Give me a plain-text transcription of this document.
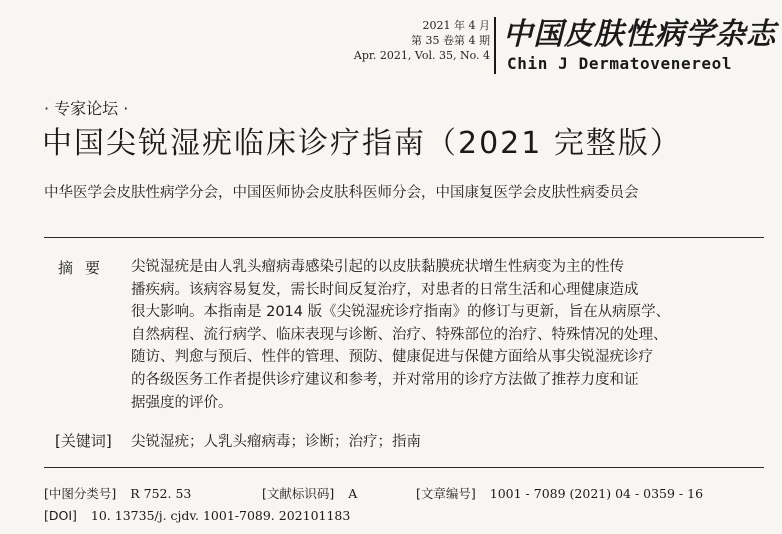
2021 年 4 月
第 35 卷第 4 期
Apr. 2021, Vol. 35, No. 4
中国皮肤性病学杂志
Chin J Dermatovenereol
· 专家论坛 ·
中国尖锐湿疣临床诊疗指南（2021 完整版）
中华医学会皮肤性病学分会，中国医师协会皮肤科医师分会，中国康复医学会皮肤性病委员会
摘要 尖锐湿疣是由人乳头瘤病毒感染引起的以皮肤黏膜疣状增生性病变为主的性传
播疾病。该病容易复发，需长时间反复治疗，对患者的日常生活和心理健康造成
很大影响。本指南是 2014 版《尖锐湿疣诊疗指南》的修订与更新，旨在从病原学、
自然病程、流行病学、临床表现与诊断、治疗、特殊部位的治疗、特殊情况的处理、
随访、判愈与预后、性伴的管理、预防、健康促进与保健方面给从事尖锐湿疣诊疗
的各级医务工作者提供诊疗建议和参考，并对常用的诊疗方法做了推荐力度和证
据强度的评价。
[关键词] 尖锐湿疣；人乳头瘤病毒；诊断；治疗；指南
[中图分类号] R 752. 53	[文献标识码] A	[文章编号] 1001 - 7089 (2021) 04 - 0359 - 16
[DOI] 10. 13735/j. cjdv. 1001-7089. 202101183
